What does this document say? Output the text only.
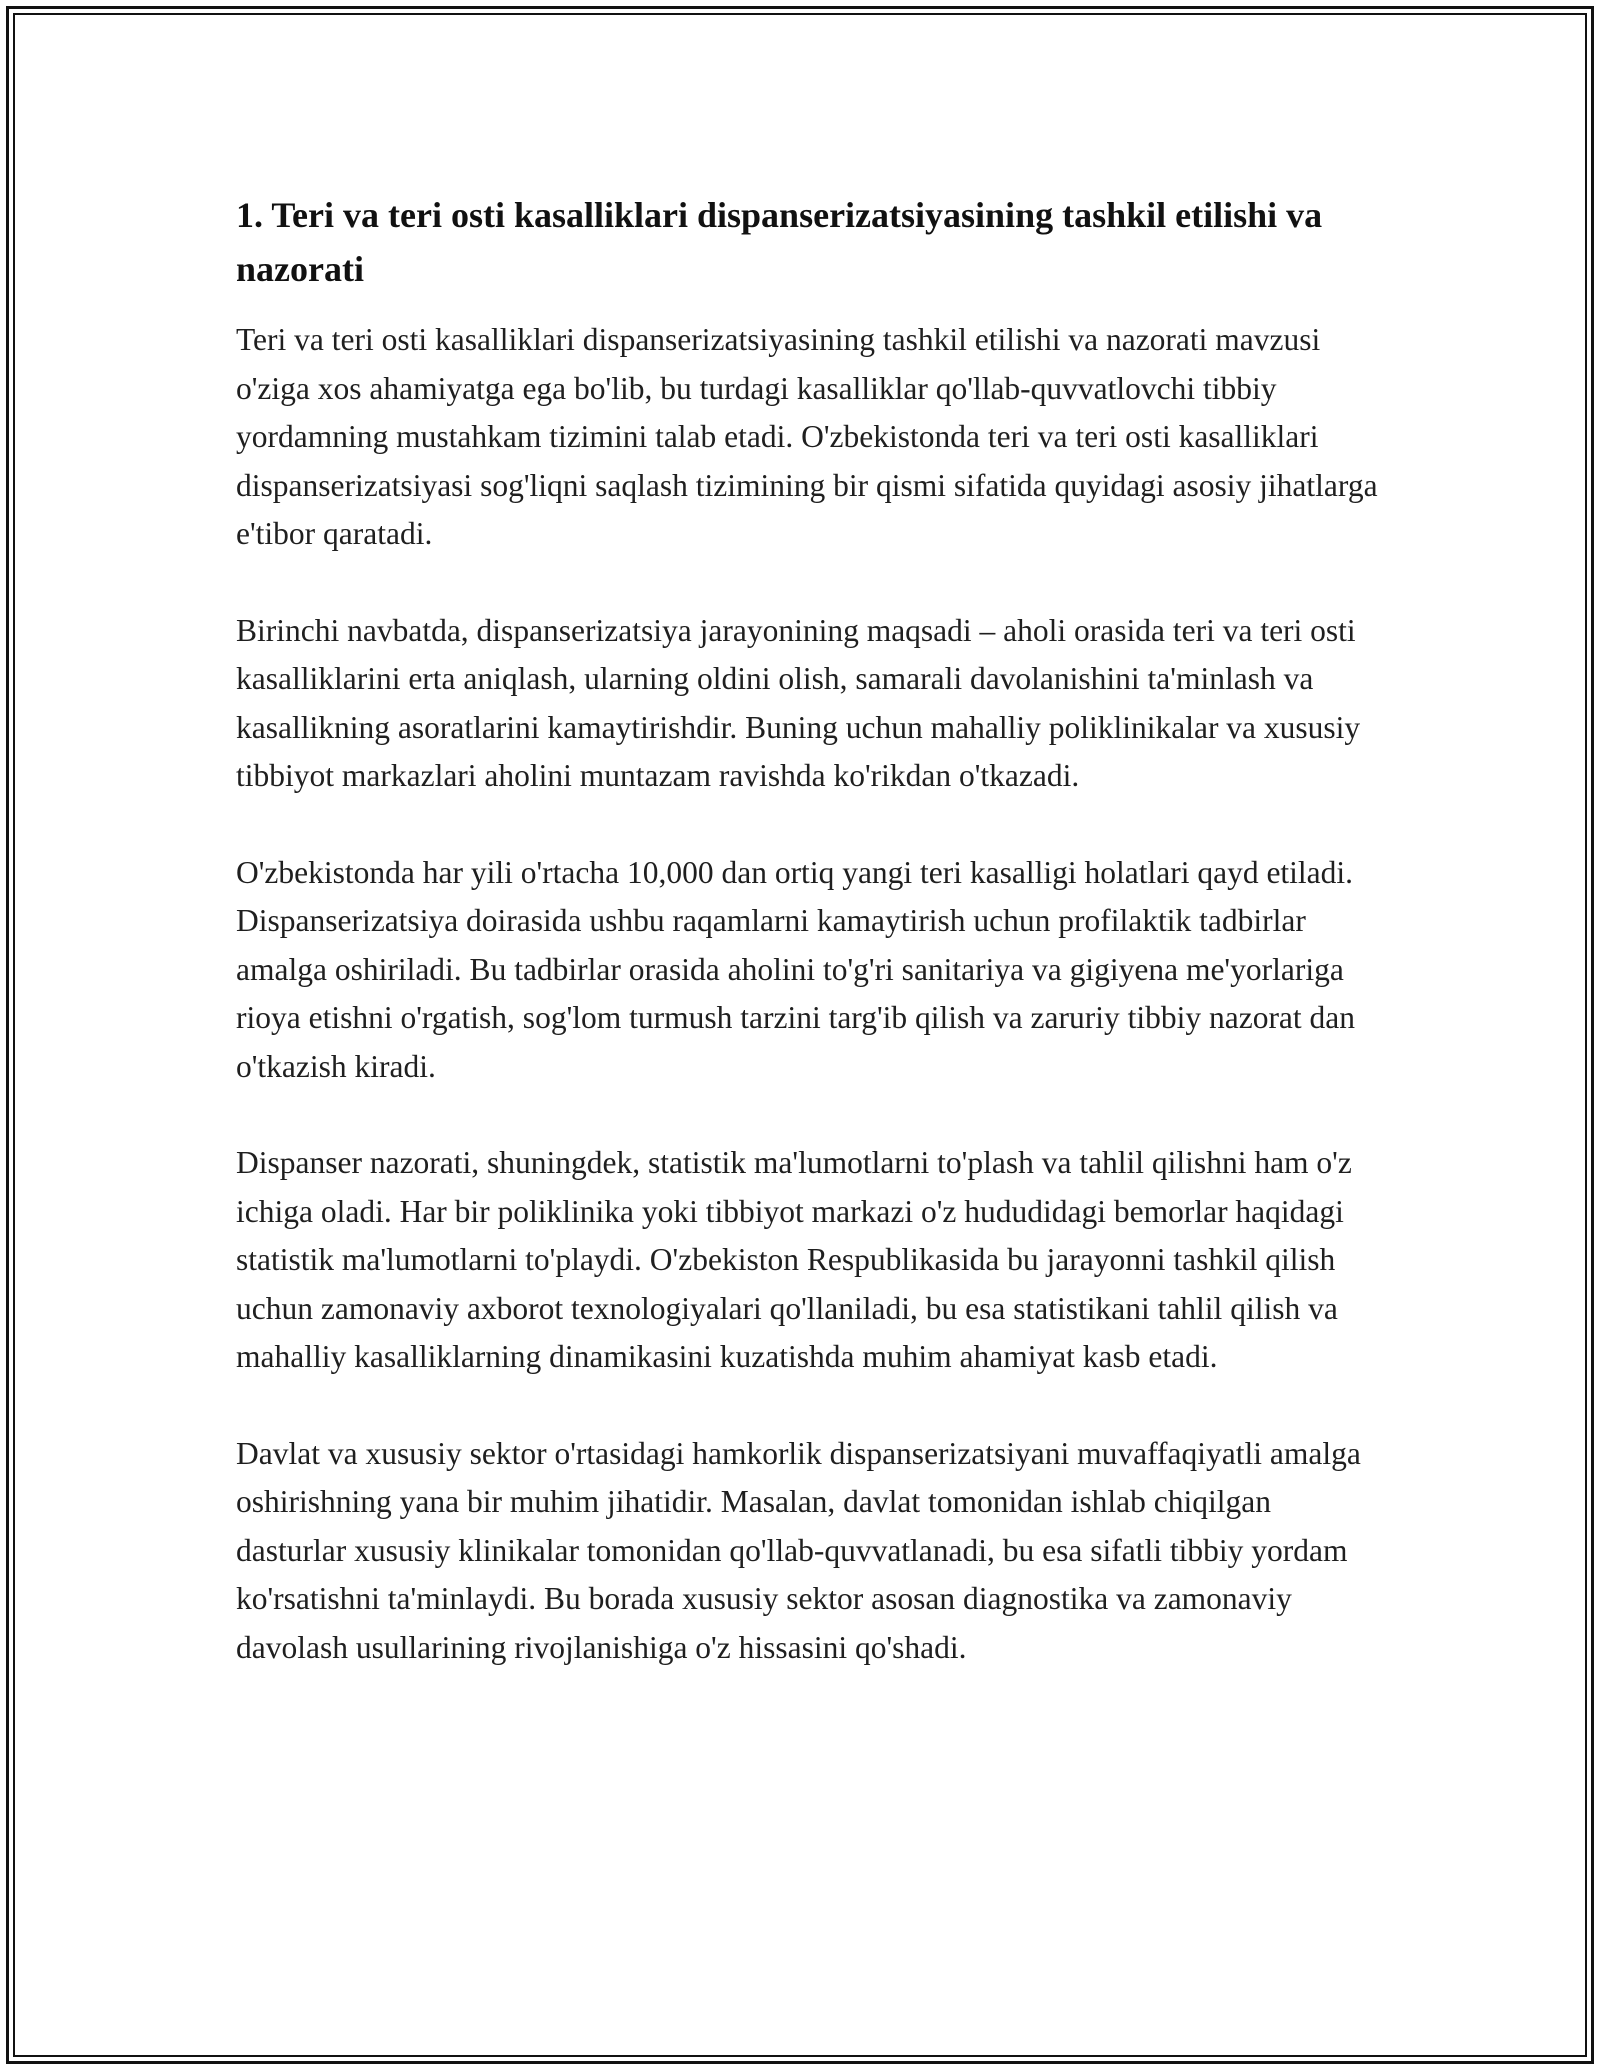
1. Teri va teri osti kasalliklari dispanserizatsiyasining tashkil etilishi va nazorati

Teri va teri osti kasalliklari dispanserizatsiyasining tashkil etilishi va nazorati mavzusi o'ziga xos ahamiyatga ega bo'lib, bu turdagi kasalliklar qo'llab-quvvatlovchi tibbiy yordamning mustahkam tizimini talab etadi. O'zbekistonda teri va teri osti kasalliklari dispanserizatsiyasi sog'liqni saqlash tizimining bir qismi sifatida quyidagi asosiy jihatlarga e'tibor qaratadi.

Birinchi navbatda, dispanserizatsiya jarayonining maqsadi – aholi orasida teri va teri osti kasalliklarini erta aniqlash, ularning oldini olish, samarali davolanishini ta'minlash va kasallikning asoratlarini kamaytirishdir. Buning uchun mahalliy poliklinikalar va xususiy tibbiyot markazlari aholini muntazam ravishda ko'rikdan o'tkazadi.

O'zbekistonda har yili o'rtacha 10,000 dan ortiq yangi teri kasalligi holatlari qayd etiladi. Dispanserizatsiya doirasida ushbu raqamlarni kamaytirish uchun profilaktik tadbirlar amalga oshiriladi. Bu tadbirlar orasida aholini to'g'ri sanitariya va gigiyena me'yorlariga rioya etishni o'rgatish, sog'lom turmush tarzini targ'ib qilish va zaruriy tibbiy nazorat dan o'tkazish kiradi.

Dispanser nazorati, shuningdek, statistik ma'lumotlarni to'plash va tahlil qilishni ham o'z ichiga oladi. Har bir poliklinika yoki tibbiyot markazi o'z hududidagi bemorlar haqidagi statistik ma'lumotlarni to'playdi. O'zbekiston Respublikasida bu jarayonni tashkil qilish uchun zamonaviy axborot texnologiyalari qo'llaniladi, bu esa statistikani tahlil qilish va mahalliy kasalliklarning dinamikasini kuzatishda muhim ahamiyat kasb etadi.

Davlat va xususiy sektor o'rtasidagi hamkorlik dispanserizatsiyani muvaffaqiyatli amalga oshirishning yana bir muhim jihatidir. Masalan, davlat tomonidan ishlab chiqilgan dasturlar xususiy klinikalar tomonidan qo'llab-quvvatlanadi, bu esa sifatli tibbiy yordam ko'rsatishni ta'minlaydi. Bu borada xususiy sektor asosan diagnostika va zamonaviy davolash usullarining rivojlanishiga o'z hissasini qo'shadi.
